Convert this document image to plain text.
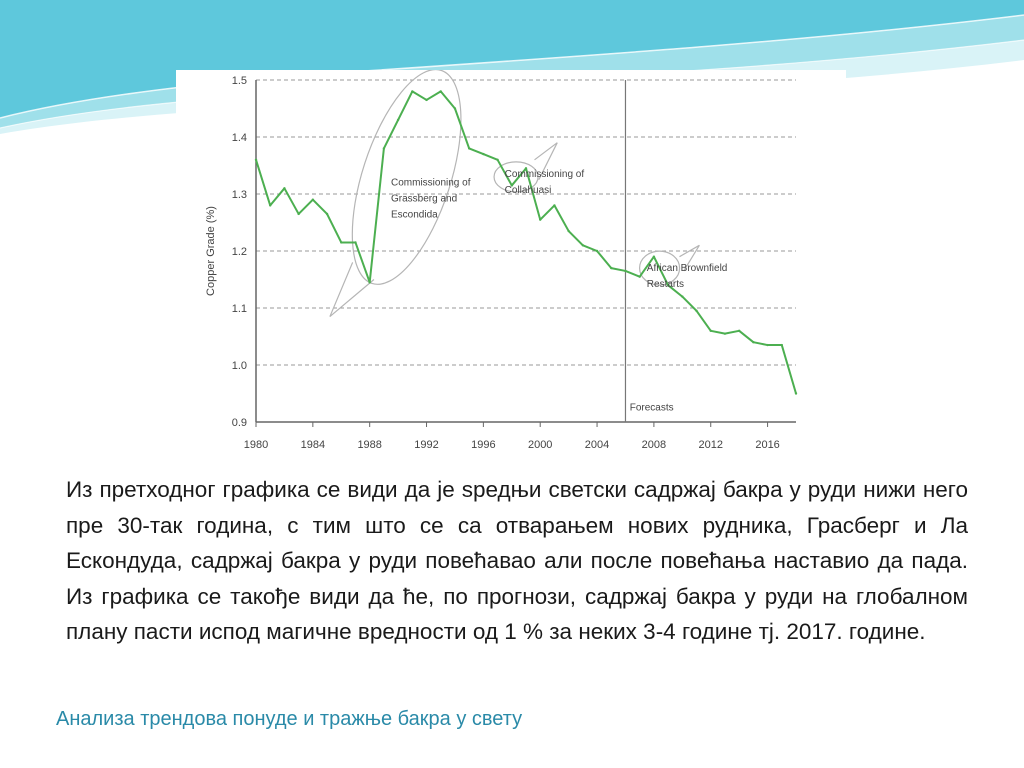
0.9
1.0
1.1
1.2
1.3
1.4
1.5
1980	1984	1988	1992	1996	2000	2004	2008	2012	2016
Copper Grade (%)
Commissioning of Collahuasi
African Brownfield Restarts
Commissioning of Grassberg and Escondida
Forecasts

Из претходног графика се види да је sредњи светски садржај бакра у руди нижи него пре 30-так година, с тим што се са отварањем нових рудника, Грасберг и Ла Ескондуда, садржај бакра у руди повећавао али после повећања наставио да пада. Из графика се такође види да ће, по прогнози, садржај бакра у руди на глобалном плану пасти испод магичне вредности од 1 % за неких 3-4 године тј. 2017. године.

Анализа трендова понуде и тражње бакра у свету
